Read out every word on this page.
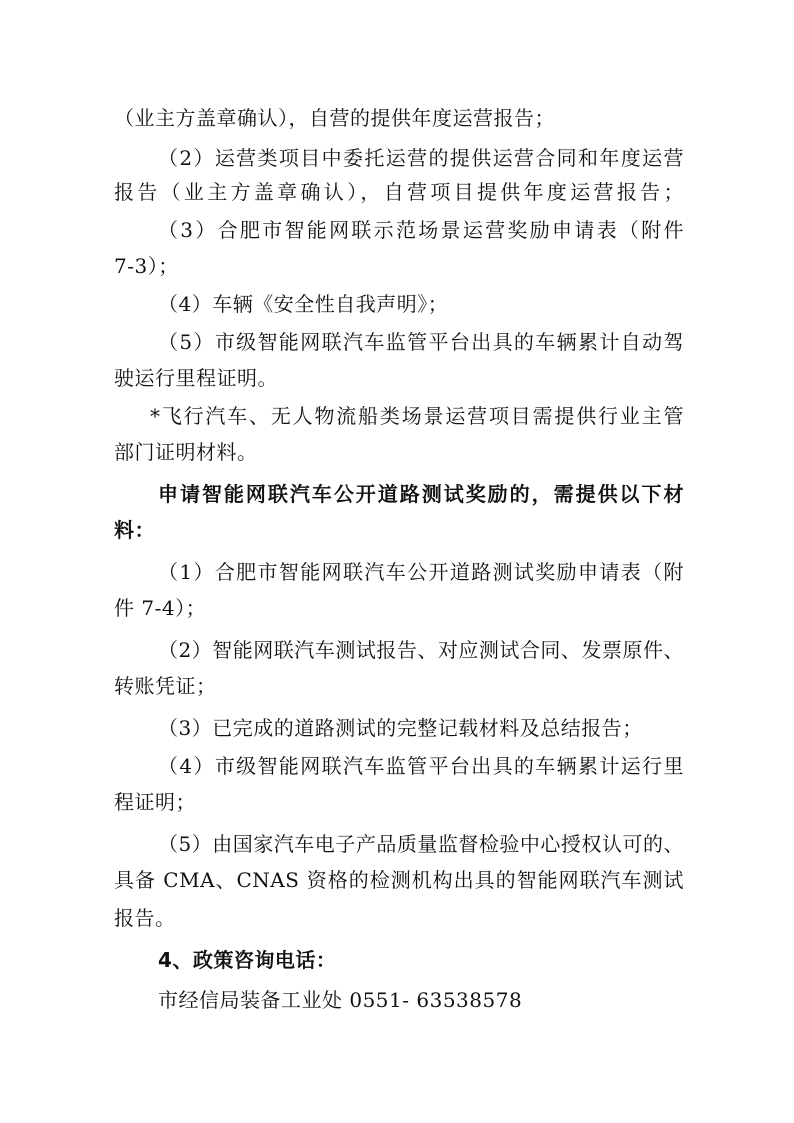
（业主方盖章确认），自营的提供年度运营报告；
（2）运营类项目中委托运营的提供运营合同和年度运营
报告（业主方盖章确认），自营项目提供年度运营报告；
（3）合肥市智能网联示范场景运营奖励申请表（附件
7-3）；
（4）车辆《安全性自我声明》；
（5）市级智能网联汽车监管平台出具的车辆累计自动驾
驶运行里程证明。
*飞行汽车、无人物流船类场景运营项目需提供行业主管
部门证明材料。
申请智能网联汽车公开道路测试奖励的，需提供以下材
料：
（1）合肥市智能网联汽车公开道路测试奖励申请表（附
件 7-4）；
（2）智能网联汽车测试报告、对应测试合同、发票原件、
转账凭证；
（3）已完成的道路测试的完整记载材料及总结报告；
（4）市级智能网联汽车监管平台出具的车辆累计运行里
程证明；
（5）由国家汽车电子产品质量监督检验中心授权认可的、
具备 CMA、CNAS 资格的检测机构出具的智能网联汽车测试
报告。
4、政策咨询电话：
市经信局装备工业处 0551- 63538578
